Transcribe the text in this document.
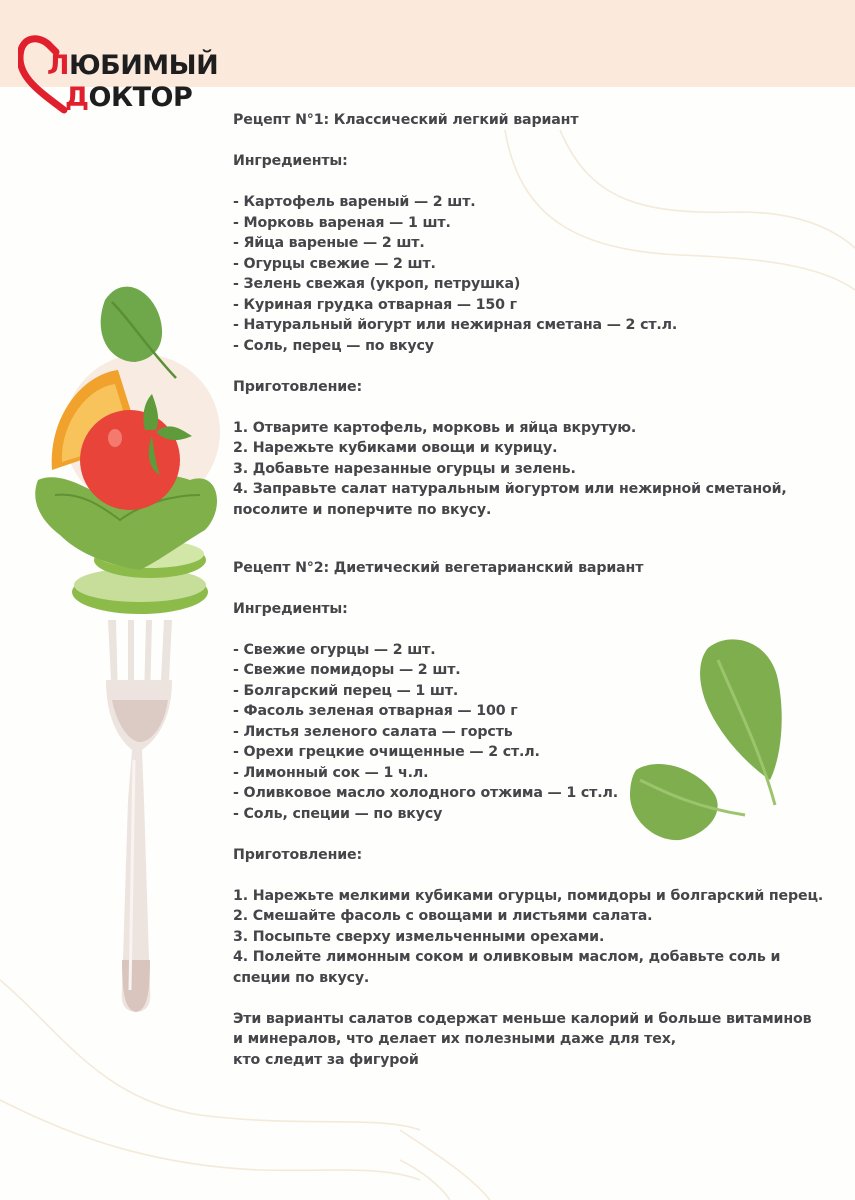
ЛЮБИМЫЙ
ДОКТОР

Рецепт N°1: Классический легкий вариант

Ингредиенты:

- Картофель вареный — 2 шт.

- Морковь вареная — 1 шт.

- Яйца вареные — 2 шт.

- Огурцы свежие — 2 шт.

- Зелень свежая (укроп, петрушка)

- Куриная грудка отварная — 150 г

- Натуральный йогурт или нежирная сметана — 2 ст.л.

- Соль, перец — по вкусу

Приготовление:

1. Отварите картофель, морковь и яйца вкрутую.

2. Нарежьте кубиками овощи и курицу.

3. Добавьте нарезанные огурцы и зелень.

4. Заправьте салат натуральным йогуртом или нежирной сметаной,

посолите и поперчите по вкусу.

Рецепт N°2: Диетический вегетарианский вариант

Ингредиенты:

- Свежие огурцы — 2 шт.

- Свежие помидоры — 2 шт.

- Болгарский перец — 1 шт.

- Фасоль зеленая отварная — 100 г

- Листья зеленого салата — горсть

- Орехи грецкие очищенные — 2 ст.л.

- Лимонный сок — 1 ч.л.

- Оливковое масло холодного отжима — 1 ст.л.

- Соль, специи — по вкусу

Приготовление:

1. Нарежьте мелкими кубиками огурцы, помидоры и болгарский перец.

2. Смешайте фасоль с овощами и листьями салата.

3. Посыпьте сверху измельченными орехами.

4. Полейте лимонным соком и оливковым маслом, добавьте соль и

специи по вкусу.

Эти варианты салатов содержат меньше калорий и больше витаминов

и минералов, что делает их полезными даже для тех,

кто следит за фигурой
